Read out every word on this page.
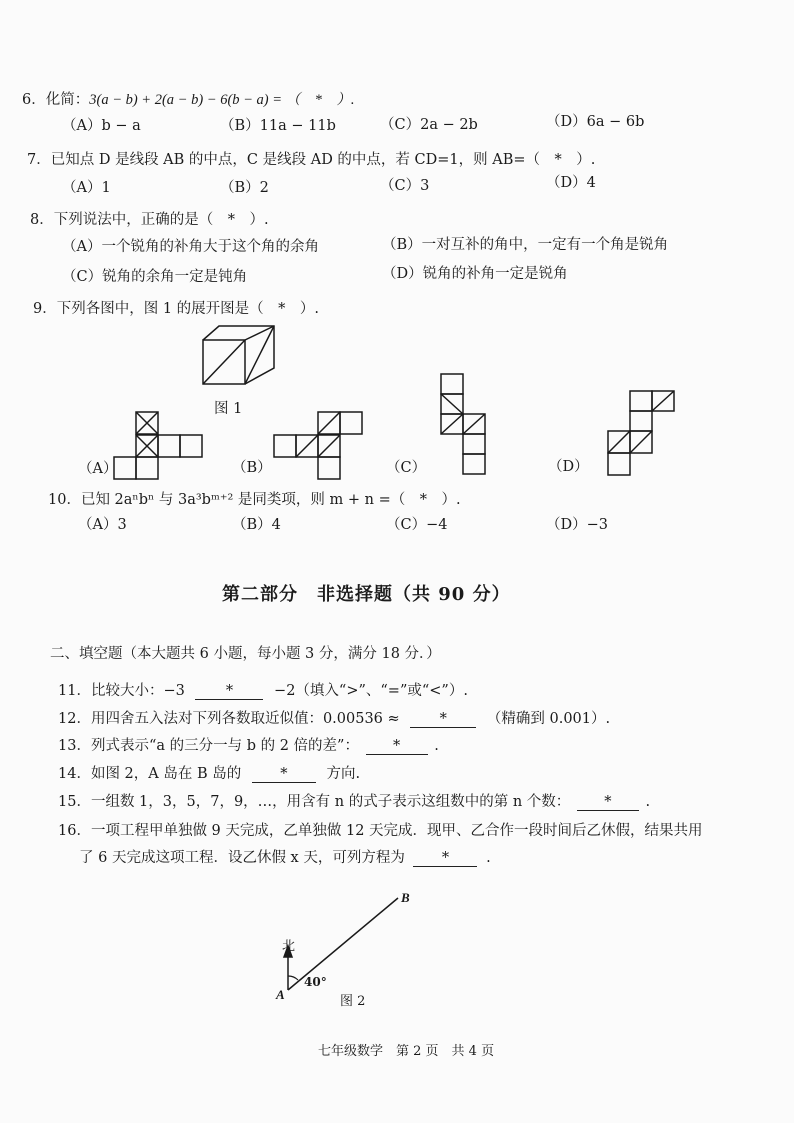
6．化简：3(a − b) + 2(a − b) − 6(b − a) = （　*　）.
（A）b − a	（B）11a − 11b	（C）2a − 2b	（D）6a − 6b
7．已知点 D 是线段 AB 的中点，C 是线段 AD 的中点，若 CD=1，则 AB=（　*　）.
（A）1	（B）2	（C）3	（D）4
8．下列说法中，正确的是（　*　）.
（A）一个锐角的补角大于这个角的余角	（B）一对互补的角中，一定有一个角是锐角
（C）锐角的余角一定是钝角	（D）锐角的补角一定是锐角
9．下列各图中，图 1 的展开图是（　*　）.
图 1
（A）	（B）	（C）	（D）
10．已知 2aⁿbⁿ 与 3a³bᵐ⁺² 是同类项，则 m + n =（　*　）.
（A）3	（B）4	（C）−4	（D）−3
第二部分　非选择题（共 90 分）
二、填空题（本大题共 6 小题，每小题 3 分，满分 18 分．）
11．比较大小：−3	*	−2（填入“>”、“=”或“<”）.
12．用四舍五入法对下列各数取近似值：0.00536 ≈	*	（精确到 0.001）.
13．列式表示“a 的三分一与 b 的 2 倍的差”： * .
14．如图 2，A 岛在 B 岛的	*	方向.
15．一组数 1，3，5，7，9，…，用含有 n 的式子表示这组数中的第 n 个数： * .
16．一项工程甲单独做 9 天完成，乙单独做 12 天完成．现甲、乙合作一段时间后乙休假，结果共用
了 6 天完成这项工程．设乙休假 x 天，可列方程为	*	.
北
B
A
40°
图 2
七年级数学　第 2 页　共 4 页
